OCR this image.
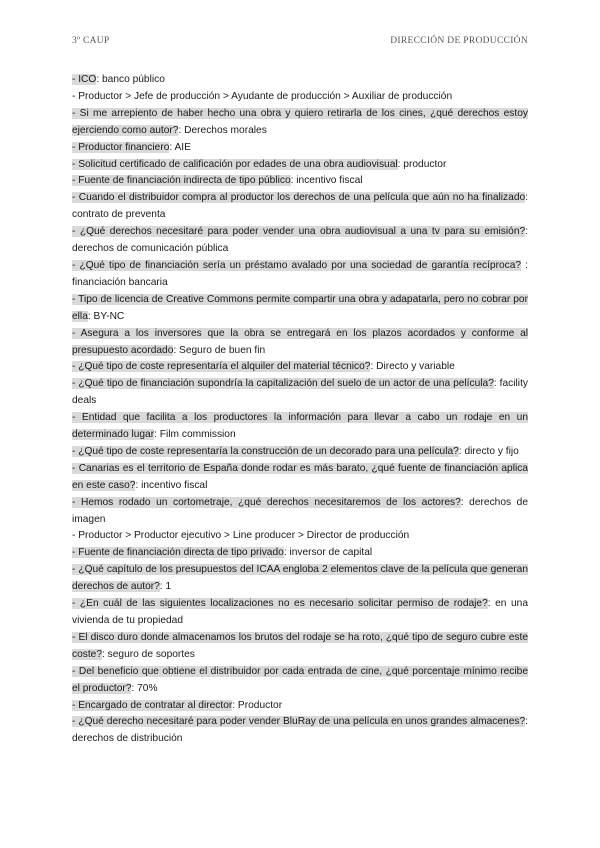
3º CAUP	DIRECCIÓN DE PRODUCCIÓN

- ICO: banco público

- Productor > Jefe de producción > Ayudante de producción > Auxiliar de producción

- Si me arrepiento de haber hecho una obra y quiero retirarla de los cines, ¿qué derechos estoy ejerciendo como autor?: Derechos morales

- Productor financiero: AIE

- Solicitud certificado de calificación por edades de una obra audiovisual: productor

- Fuente de financiación indirecta de tipo público: incentivo fiscal

- Cuando el distribuidor compra al productor los derechos de una película que aún no ha finalizado: contrato de preventa

- ¿Qué derechos necesitaré para poder vender una obra audiovisual a una tv para su emisión?: derechos de comunicación pública

- ¿Qué tipo de financiación sería un préstamo avalado por una sociedad de garantía recíproca? : financiación bancaria

- Tipo de licencia de Creative Commons permite compartir una obra y adapatarla, pero no cobrar por ella: BY-NC

- Asegura a los inversores que la obra se entregará en los plazos acordados y conforme al presupuesto acordado: Seguro de buen fin

- ¿Qué tipo de coste representaría el alquiler del material técnico?: Directo y variable

- ¿Qué tipo de financiación supondría la capitalización del suelo de un actor de una película?: facility deals

- Entidad que facilita a los productores la información para llevar a cabo un rodaje en un determinado lugar: Film commission

- ¿Qué tipo de coste representaría la construcción de un decorado para una película?: directo y fijo

- Canarias es el territorio de España donde rodar es más barato, ¿qué fuente de financiación aplica en este caso?: incentivo fiscal

- Hemos rodado un cortometraje, ¿qué derechos necesitaremos de los actores?: derechos de imagen

- Productor > Productor ejecutivo > Line producer > Director de producción

- Fuente de financiación directa de tipo privado: inversor de capital

- ¿Qué capítulo de los presupuestos del ICAA engloba 2 elementos clave de la película que generan derechos de autor?: 1

- ¿En cuál de las siguientes localizaciones no es necesario solicitar permiso de rodaje?: en una vivienda de tu propiedad

- El disco duro donde almacenamos los brutos del rodaje se ha roto, ¿qué tipo de seguro cubre este coste?: seguro de soportes

- Del beneficio que obtiene el distribuidor por cada entrada de cine, ¿qué porcentaje mínimo recibe el productor?: 70%

- Encargado de contratar al director: Productor

- ¿Qué derecho necesitaré para poder vender BluRay de una película en unos grandes almacenes?: derechos de distribución
